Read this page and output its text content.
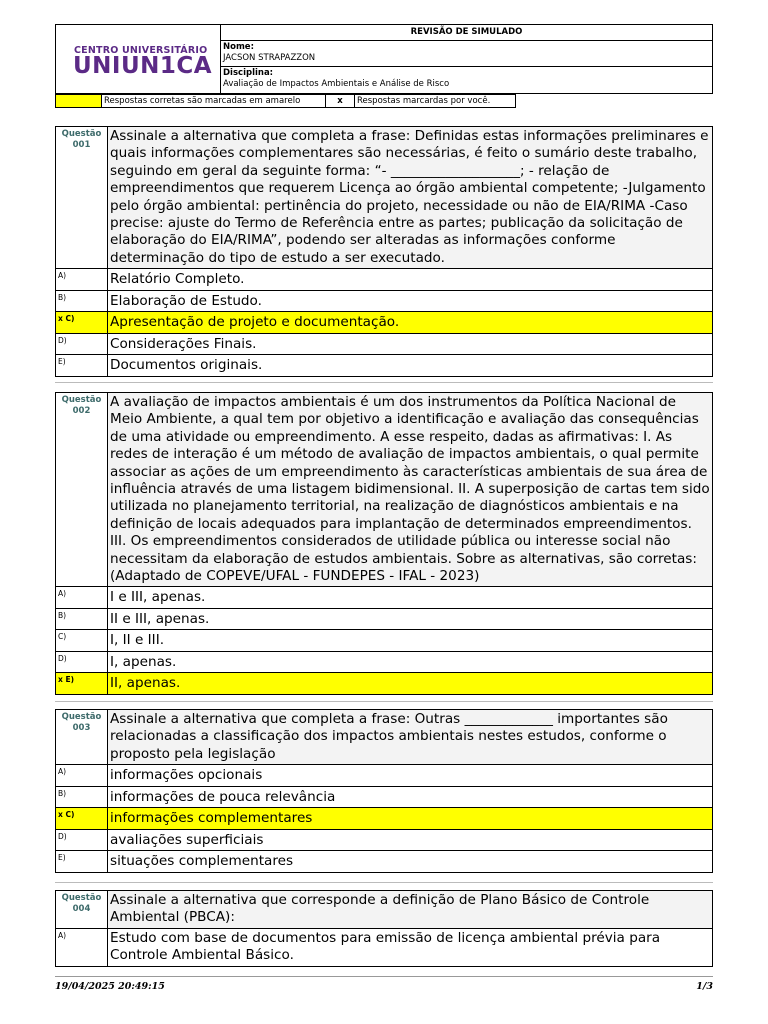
CENTRO UNIVERSITÁRIO
UNIUN1CA
REVISÃO DE SIMULADO
Nome:
JACSON STRAPAZZON
Disciplina:
Avaliação de Impactos Ambientais e Análise de Risco
Respostas corretas são marcadas em amarelo	x	Respostas marcardas por você.
Questão
001
Assinale a alternativa que completa a frase: Definidas estas informações preliminares e quais informações complementares são necessárias, é feito o sumário deste trabalho, seguindo em geral da seguinte forma: “- ___________________; - relação de empreendimentos que requerem Licença ao órgão ambiental competente; -Julgamento pelo órgão ambiental: pertinência do projeto, necessidade ou não de EIA/RIMA -Caso precise: ajuste do Termo de Referência entre as partes; publicação da solicitação de elaboração do EIA/RIMA”, podendo ser alteradas as informações conforme determinação do tipo de estudo a ser executado.
A)	Relatório Completo.
B)	Elaboração de Estudo.
x C)	Apresentação de projeto e documentação.
D)	Considerações Finais.
E)	Documentos originais.
Questão
002
A avaliação de impactos ambientais é um dos instrumentos da Política Nacional de Meio Ambiente, a qual tem por objetivo a identificação e avaliação das consequências de uma atividade ou empreendimento. A esse respeito, dadas as afirmativas: I. As redes de interação é um método de avaliação de impactos ambientais, o qual permite associar as ações de um empreendimento às características ambientais de sua área de influência através de uma listagem bidimensional. II. A superposição de cartas tem sido utilizada no planejamento territorial, na realização de diagnósticos ambientais e na definição de locais adequados para implantação de determinados empreendimentos. III. Os empreendimentos considerados de utilidade pública ou interesse social não necessitam da elaboração de estudos ambientais. Sobre as alternativas, são corretas: (Adaptado de COPEVE/UFAL - FUNDEPES - IFAL - 2023)
A)	I e III, apenas.
B)	II e III, apenas.
C)	I, II e III.
D)	I, apenas.
x E)	II, apenas.
Questão
003
Assinale a alternativa que completa a frase: Outras _____________ importantes são relacionadas a classificação dos impactos ambientais nestes estudos, conforme o proposto pela legislação
A)	informações opcionais
B)	informações de pouca relevância
x C)	informações complementares
D)	avaliações superficiais
E)	situações complementares
Questão
004
Assinale a alternativa que corresponde a definição de Plano Básico de Controle Ambiental (PBCA):
A)	Estudo com base de documentos para emissão de licença ambiental prévia para Controle Ambiental Básico.
19/04/2025 20:49:15	1/3
